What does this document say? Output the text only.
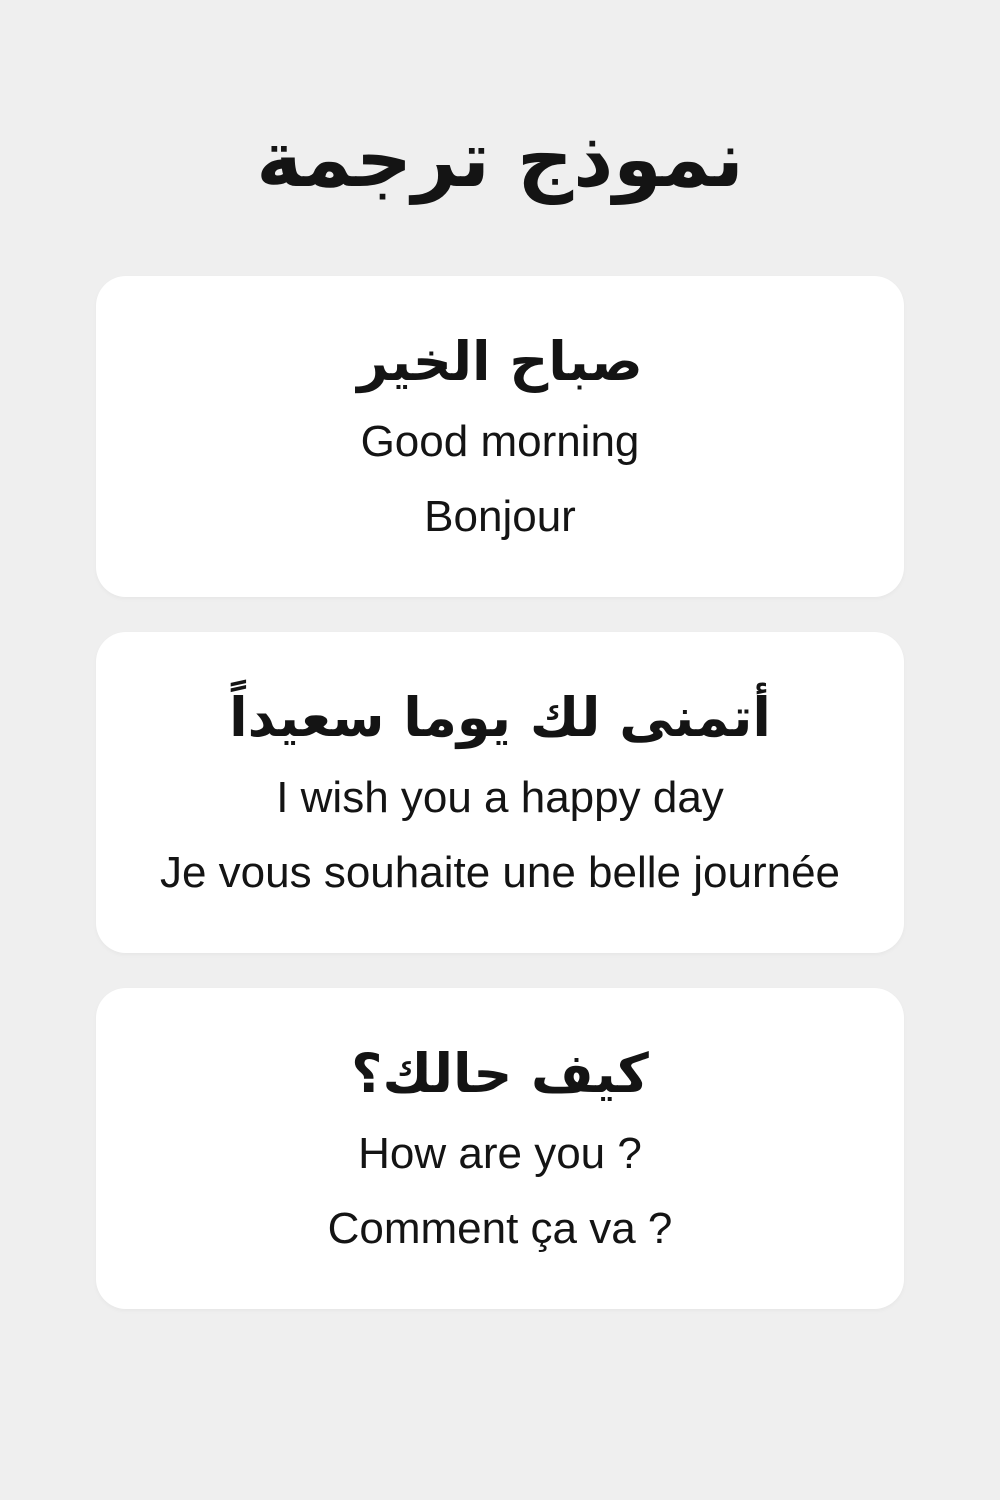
نموذج ترجمة
صباح الخير
Good morning
Bonjour
أتمنى لك يوما سعيداً
I wish you a happy day
Je vous souhaite une belle journée
كيف حالك؟
How are you ?
Comment ça va ?
